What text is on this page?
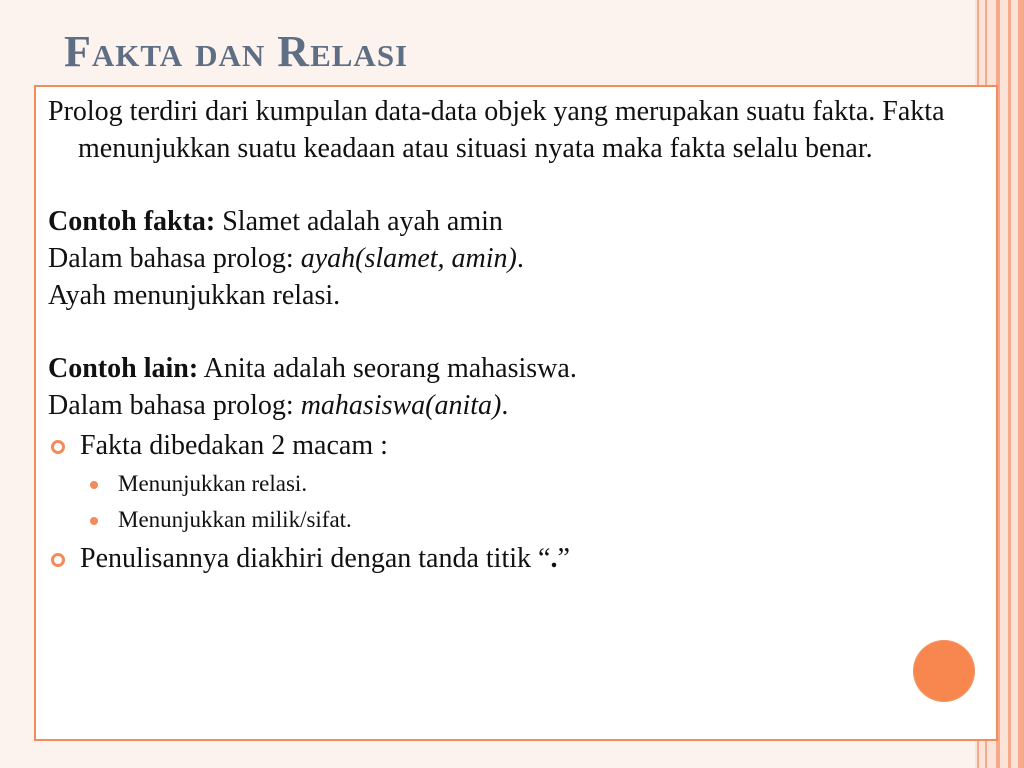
Fakta dan Relasi

Prolog terdiri dari kumpulan data-data objek yang merupakan suatu fakta. Fakta menunjukkan suatu keadaan atau situasi nyata maka fakta selalu benar.

Contoh fakta: Slamet adalah ayah amin

Dalam bahasa prolog: ayah(slamet, amin).

Ayah menunjukkan relasi.

Contoh lain: Anita adalah seorang mahasiswa.

Dalam bahasa prolog: mahasiswa(anita).

Fakta dibedakan 2 macam :
Menunjukkan relasi.
Menunjukkan milik/sifat.
Penulisannya diakhiri dengan tanda titik “.”
